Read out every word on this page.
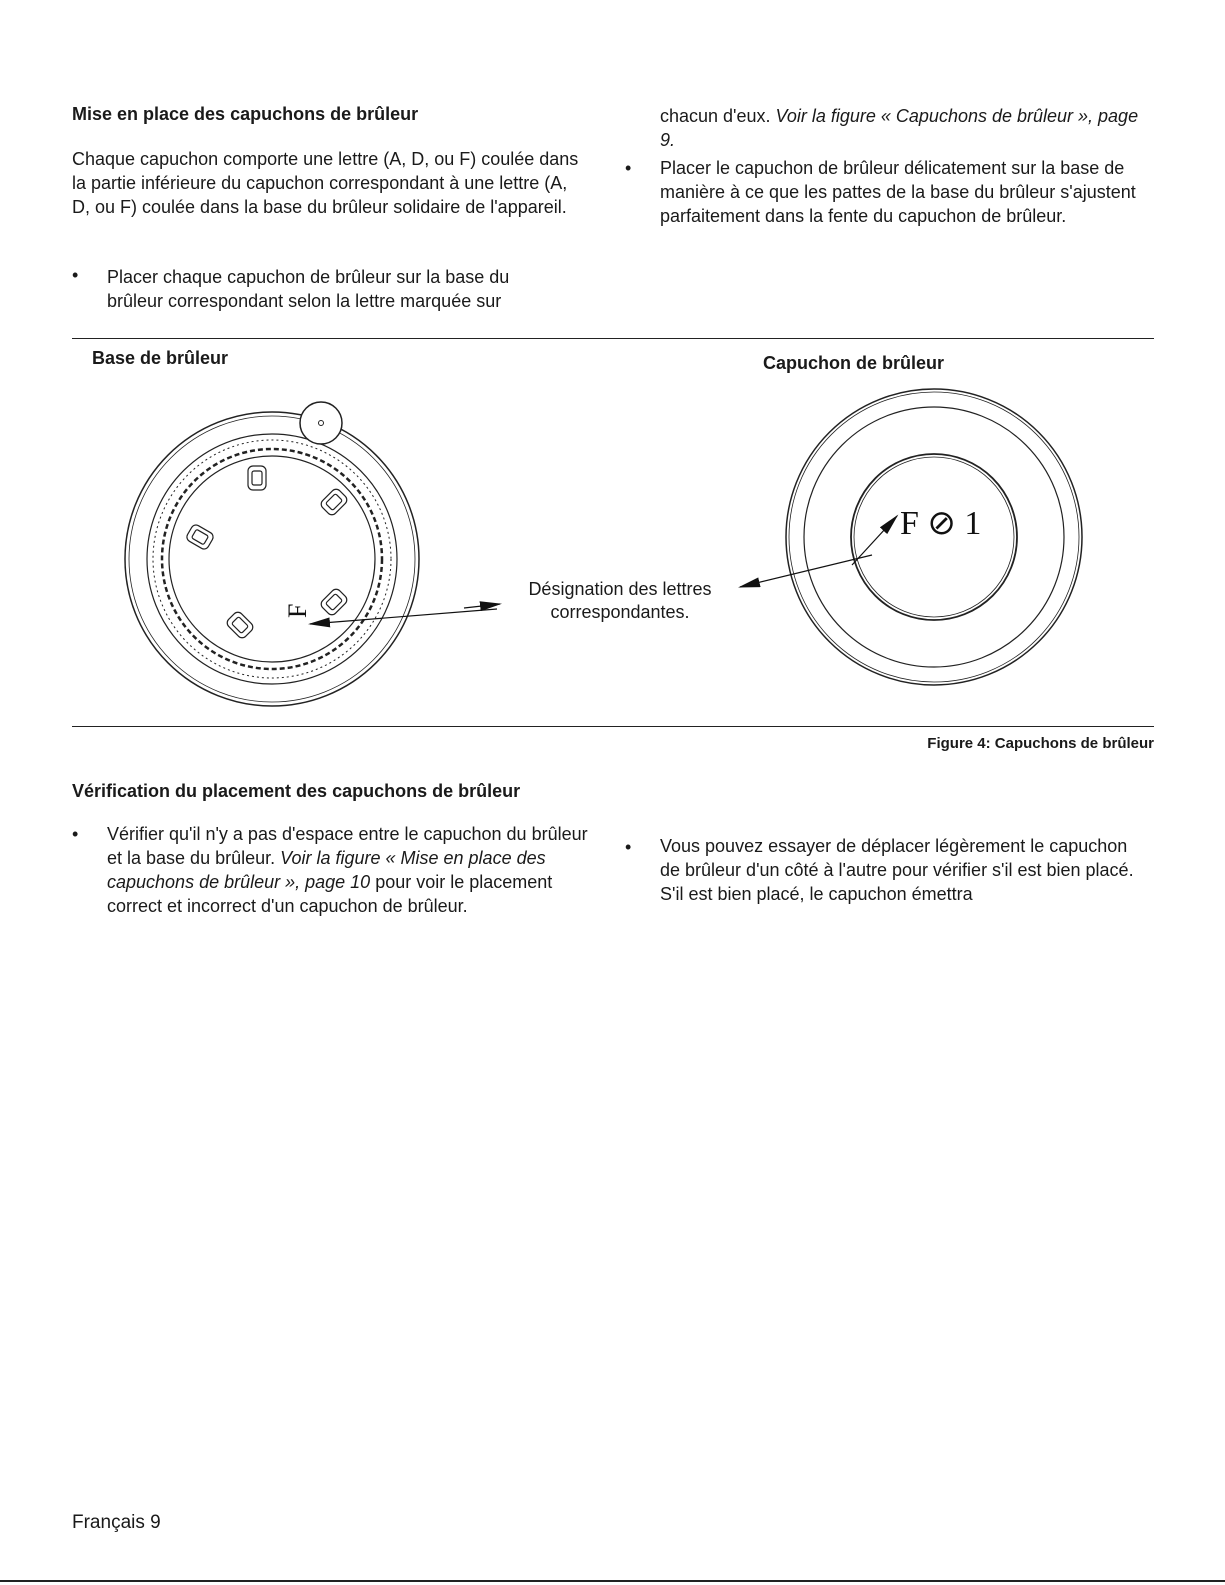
Mise en place des capuchons de brûleur

Chaque capuchon comporte une lettre (A, D, ou F) coulée dans la partie inférieure du capuchon correspondant à une lettre (A, D, ou F) coulée dans la base du brûleur solidaire de l'appareil.

• Placer chaque capuchon de brûleur sur la base du brûleur correspondant selon la lettre marquée sur

chacun d'eux. Voir la figure « Capuchons de brûleur », page 9.

• Placer le capuchon de brûleur délicatement sur la base de manière à ce que les pattes de la base du brûleur s'ajustent parfaitement dans la fente du capuchon de brûleur.

Base de brûleur	Capuchon de brûleur
F
F ⊘ 1
Désignation des lettres
correspondantes.
Figure 4: Capuchons de brûleur
Vérification du placement des capuchons de brûleur
• Vérifier qu'il n'y a pas d'espace entre le capuchon du brûleur et la base du brûleur. Voir la figure « Mise en place des capuchons de brûleur », page 10 pour voir le placement correct et incorrect d'un capuchon de brûleur.

• Vous pouvez essayer de déplacer légèrement le capuchon de brûleur d'un côté à l'autre pour vérifier s'il est bien placé. S'il est bien placé, le capuchon émettra

Français 9
